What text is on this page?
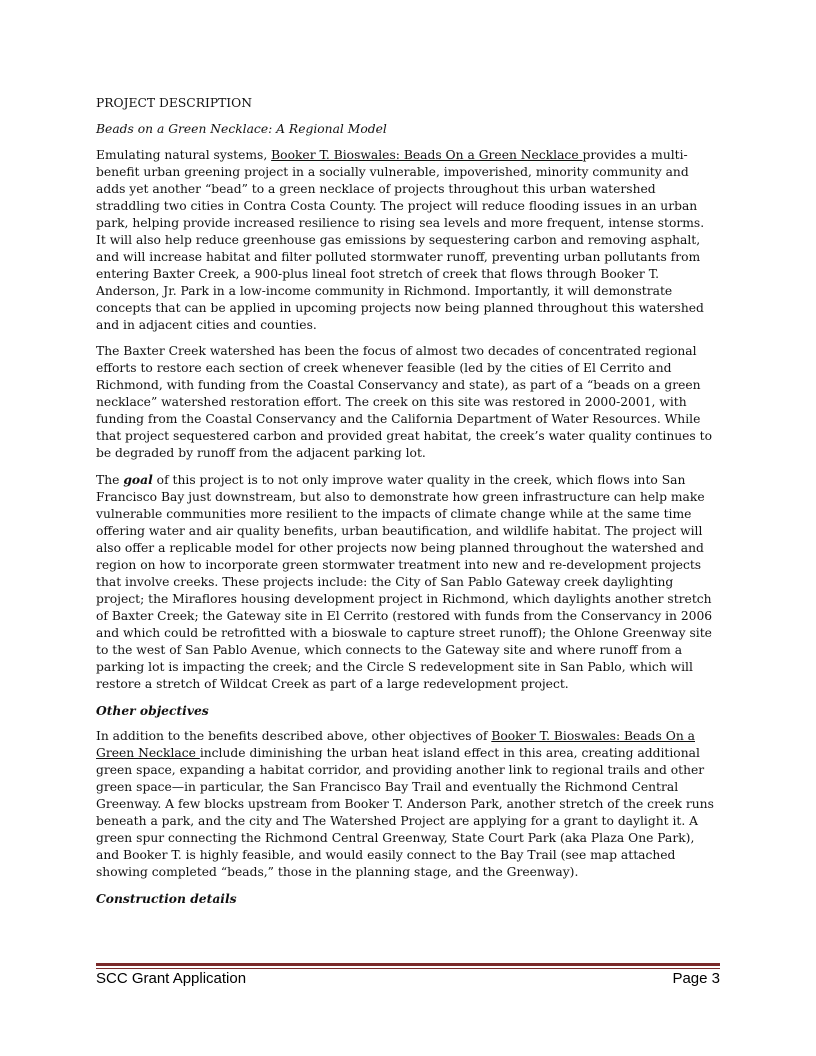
PROJECT DESCRIPTION

Beads on a Green Necklace: A Regional Model

Emulating natural systems, Booker T. Bioswales: Beads On a Green Necklace provides a multi-benefit urban greening project in a socially vulnerable, impoverished, minority community and adds yet another “bead” to a green necklace of projects throughout this urban watershed straddling two cities in Contra Costa County. The project will reduce flooding issues in an urban park, helping provide increased resilience to rising sea levels and more frequent, intense storms. It will also help reduce greenhouse gas emissions by sequestering carbon and removing asphalt, and will increase habitat and filter polluted stormwater runoff, preventing urban pollutants from entering Baxter Creek, a 900-plus lineal foot stretch of creek that flows through Booker T. Anderson, Jr. Park in a low-income community in Richmond. Importantly, it will demonstrate concepts that can be applied in upcoming projects now being planned throughout this watershed and in adjacent cities and counties.

The Baxter Creek watershed has been the focus of almost two decades of concentrated regional efforts to restore each section of creek whenever feasible (led by the cities of El Cerrito and Richmond, with funding from the Coastal Conservancy and state), as part of a “beads on a green necklace” watershed restoration effort. The creek on this site was restored in 2000-2001, with funding from the Coastal Conservancy and the California Department of Water Resources. While that project sequestered carbon and provided great habitat, the creek’s water quality continues to be degraded by runoff from the adjacent parking lot.

The goal of this project is to not only improve water quality in the creek, which flows into San Francisco Bay just downstream, but also to demonstrate how green infrastructure can help make vulnerable communities more resilient to the impacts of climate change while at the same time offering water and air quality benefits, urban beautification, and wildlife habitat. The project will also offer a replicable model for other projects now being planned throughout the watershed and region on how to incorporate green stormwater treatment into new and re-development projects that involve creeks. These projects include: the City of San Pablo Gateway creek daylighting project; the Miraflores housing development project in Richmond, which daylights another stretch of Baxter Creek; the Gateway site in El Cerrito (restored with funds from the Conservancy in 2006 and which could be retrofitted with a bioswale to capture street runoff); the Ohlone Greenway site to the west of San Pablo Avenue, which connects to the Gateway site and where runoff from a parking lot is impacting the creek; and the Circle S redevelopment site in San Pablo, which will restore a stretch of Wildcat Creek as part of a large redevelopment project.

Other objectives

In addition to the benefits described above, other objectives of Booker T. Bioswales: Beads On a Green Necklace include diminishing the urban heat island effect in this area, creating additional green space, expanding a habitat corridor, and providing another link to regional trails and other green space—in particular, the San Francisco Bay Trail and eventually the Richmond Central Greenway. A few blocks upstream from Booker T. Anderson Park, another stretch of the creek runs beneath a park, and the city and The Watershed Project are applying for a grant to daylight it. A green spur connecting the Richmond Central Greenway, State Court Park (aka Plaza One Park), and Booker T. is highly feasible, and would easily connect to the Bay Trail (see map attached showing completed “beads,” those in the planning stage, and the Greenway).

Construction details

SCC Grant Application	Page 3
